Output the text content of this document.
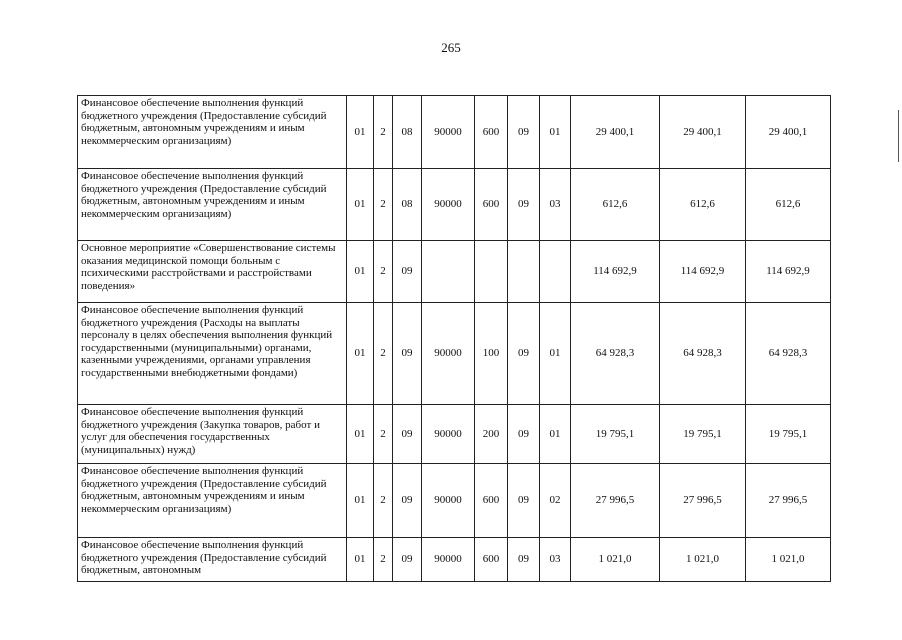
265
Финансовое обеспечение выполнения функций бюджетного учреждения (Предоставление субсидий бюджетным, автономным учреждениям и иным некоммерческим организациям)	01	2	08	90000	600	09	01	29 400,1	29 400,1	29 400,1
Финансовое обеспечение выполнения функций бюджетного учреждения (Предоставление субсидий бюджетным, автономным учреждениям и иным некоммерческим организациям)	01	2	08	90000	600	09	03	612,6	612,6	612,6
Основное мероприятие «Совершенствование системы оказания медицинской помощи больным с психическими расстройствами и расстройствами поведения»	01	2	09					114 692,9	114 692,9	114 692,9
Финансовое обеспечение выполнения функций бюджетного учреждения (Расходы на выплаты персоналу в целях обеспечения выполнения функций государственными (муниципальными) органами, казенными учреждениями, органами управления государственными внебюджетными фондами)	01	2	09	90000	100	09	01	64 928,3	64 928,3	64 928,3
Финансовое обеспечение выполнения функций бюджетного учреждения (Закупка товаров, работ и услуг для обеспечения государственных (муниципальных) нужд)	01	2	09	90000	200	09	01	19 795,1	19 795,1	19 795,1
Финансовое обеспечение выполнения функций бюджетного учреждения (Предоставление субсидий бюджетным, автономным учреждениям и иным некоммерческим организациям)	01	2	09	90000	600	09	02	27 996,5	27 996,5	27 996,5
Финансовое обеспечение выполнения функций бюджетного учреждения (Предоставление субсидий бюджетным, автономным	01	2	09	90000	600	09	03	1 021,0	1 021,0	1 021,0
